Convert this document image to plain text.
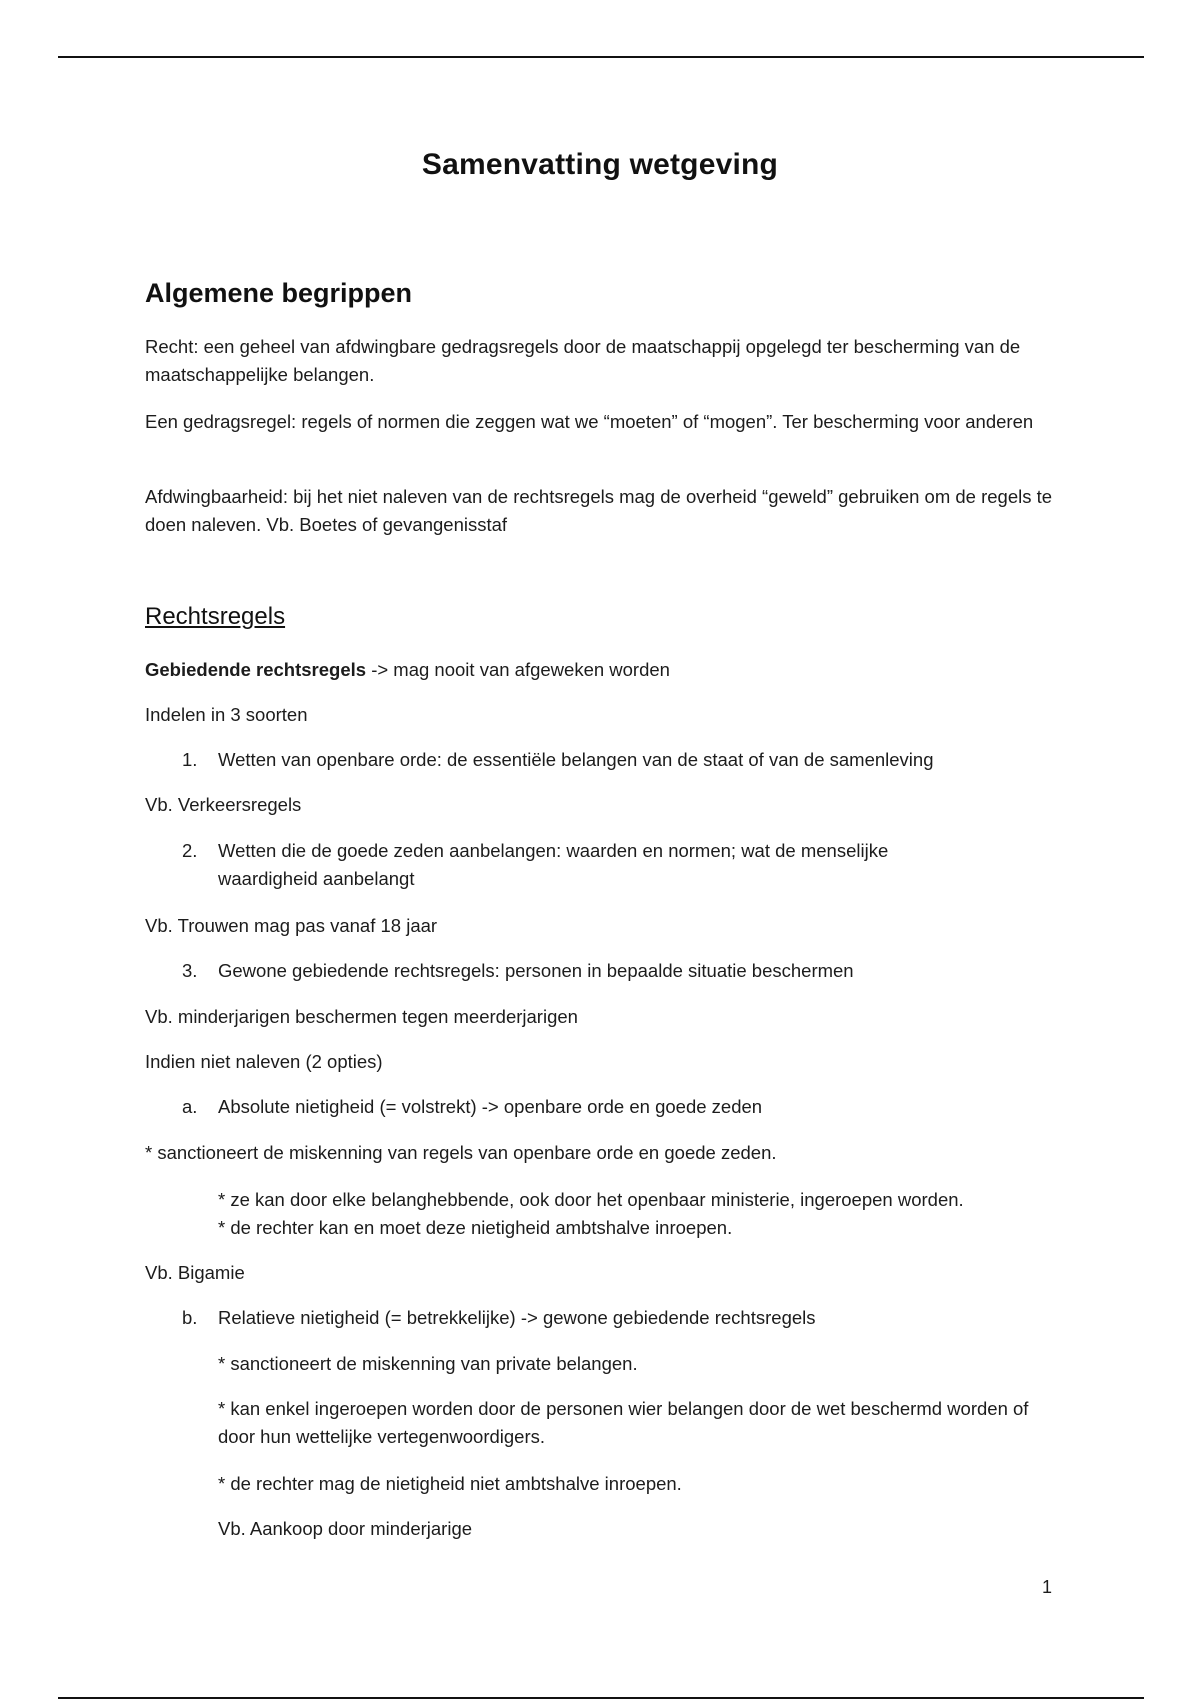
Samenvatting wetgeving
Algemene begrippen
Recht: een geheel van afdwingbare gedragsregels door de maatschappij opgelegd ter bescherming van de maatschappelijke belangen.
Een gedragsregel: regels of normen die zeggen wat we “moeten” of “mogen”. Ter bescherming voor anderen
Afdwingbaarheid: bij het niet naleven van de rechtsregels mag de overheid “geweld” gebruiken om de regels te doen naleven. Vb. Boetes of gevangenisstaf
Rechtsregels
Gebiedende rechtsregels -> mag nooit van afgeweken worden
Indelen in 3 soorten
1. Wetten van openbare orde: de essentiële belangen van de staat of van de samenleving
Vb. Verkeersregels
2. Wetten die de goede zeden aanbelangen: waarden en normen; wat de menselijke waardigheid aanbelangt
Vb. Trouwen mag pas vanaf 18 jaar
3. Gewone gebiedende rechtsregels: personen in bepaalde situatie beschermen
Vb. minderjarigen beschermen tegen meerderjarigen
Indien niet naleven (2 opties)
a. Absolute nietigheid (= volstrekt) -> openbare orde en goede zeden
* sanctioneert de miskenning van regels van openbare orde en goede zeden.
* ze kan door elke belanghebbende, ook door het openbaar ministerie, ingeroepen worden.
* de rechter kan en moet deze nietigheid ambtshalve inroepen.
Vb. Bigamie
b. Relatieve nietigheid (= betrekkelijke) -> gewone gebiedende rechtsregels
* sanctioneert de miskenning van private belangen.
* kan enkel ingeroepen worden door de personen wier belangen door de wet beschermd worden of door hun wettelijke vertegenwoordigers.
* de rechter mag de nietigheid niet ambtshalve inroepen.
Vb. Aankoop door minderjarige
1
